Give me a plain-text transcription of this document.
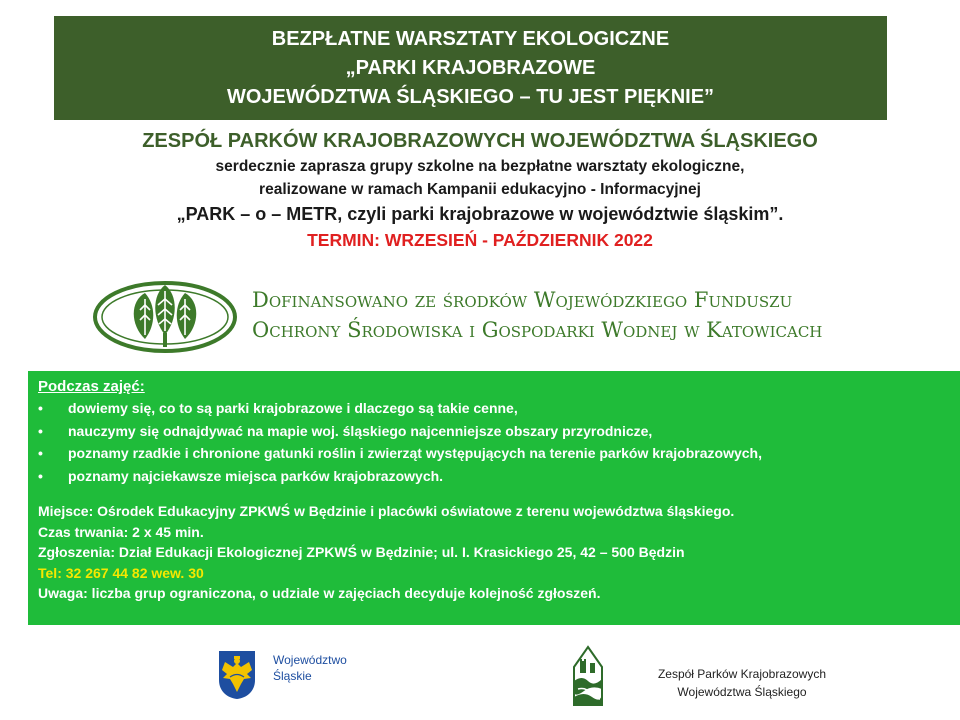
BEZPŁATNE WARSZTATY EKOLOGICZNE
„PARKI KRAJOBRAZOWE
WOJEWÓDZTWA ŚLĄSKIEGO – TU JEST PIĘKNIE”
ZESPÓŁ PARKÓW KRAJOBRAZOWYCH WOJEWÓDZTWA ŚLĄSKIEGO
serdecznie zaprasza grupy szkolne na bezpłatne warsztaty ekologiczne,
realizowane w ramach Kampanii edukacyjno - Informacyjnej
„PARK – o – METR, czyli parki krajobrazowe w województwie śląskim”.
TERMIN: WRZESIEŃ - PAŹDZIERNIK 2022
Dofinansowano ze środków Wojewódzkiego Funduszu
Ochrony Środowiska i Gospodarki Wodnej w Katowicach
Podczas zajęć:
• dowiemy się, co to są parki krajobrazowe i dlaczego są takie cenne,
• nauczymy się odnajdywać na mapie woj. śląskiego najcenniejsze obszary przyrodnicze,
• poznamy rzadkie i chronione gatunki roślin i zwierząt występujących na terenie parków krajobrazowych,
• poznamy najciekawsze miejsca parków krajobrazowych.
Miejsce: Ośrodek Edukacyjny ZPKWŚ w Będzinie i placówki oświatowe z terenu województwa śląskiego.
Czas trwania: 2 x 45 min.
Zgłoszenia: Dział Edukacji Ekologicznej ZPKWŚ w Będzinie; ul. I. Krasickiego 25, 42 – 500 Będzin
Tel: 32 267 44 82 wew. 30
Uwaga: liczba grup ograniczona, o udziale w zajęciach decyduje kolejność zgłoszeń.
Województwo
Śląskie	Zespół Parków Krajobrazowych
Województwa Śląskiego
